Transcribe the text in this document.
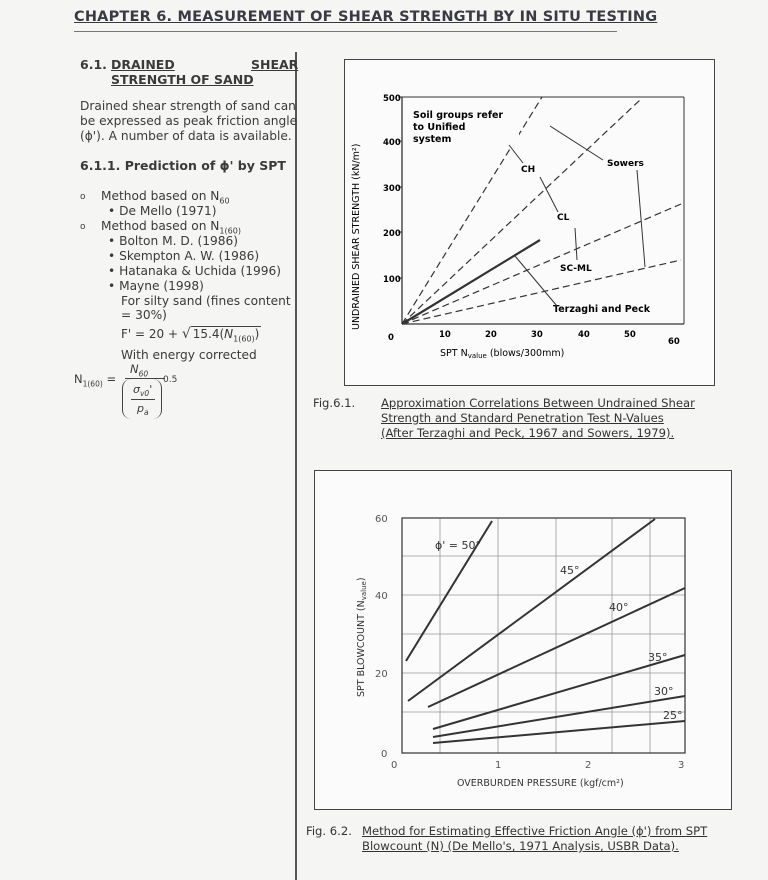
CHAPTER 6. MEASUREMENT OF SHEAR STRENGTH BY IN SITU TESTING
6.1. DRAINED	SHEAR
STRENGTH OF SAND
Drained shear strength of sand can
be expressed as peak friction angle
(ϕ'). A number of data is available.
6.1.1. Prediction of ϕ' by SPT
o Method based on $N_{60}$
• De Mello (1971)
o Method based on $N_{1(60)}$
• Bolton M. D. (1986)
• Skempton A. W. (1986)
• Hatanaka & Uchida (1996)
• Mayne (1998)
For silty sand (fines content
= 30%)
F' = 20 + √ $15.4(N_{1(60)})$
With energy corrected
$N_{1(60)}$ =
$N_{60}$
$\sigma_{v0}'$
$p_a$
0.5
100
200
300
400
500
0	10	20	30	40	50
60
Soil groups refer
to Unified
system
CH
CL
SC-ML
Sowers
Terzaghi and Peck
UNDRAINED SHEAR STRENGTH (kN/m²)
SPT $N_{value}$ (blows/300mm)
Fig.6.1. Approximation Correlations Between Undrained Shear
Strength and Standard Penetration Test N-Values
(After Terzaghi and Peck, 1967 and Sowers, 1979).
0
20
40
60
0	1	2	3
ϕ' = 50°
45°
40°
35°
30°
25°
SPT BLOWCOUNT $(N_{value})$
OVERBURDEN PRESSURE (kgf/cm²)
Fig. 6.2. Method for Estimating Effective Friction Angle (ϕ') from SPT
Blowcount (N) (De Mello's, 1971 Analysis, USBR Data).
